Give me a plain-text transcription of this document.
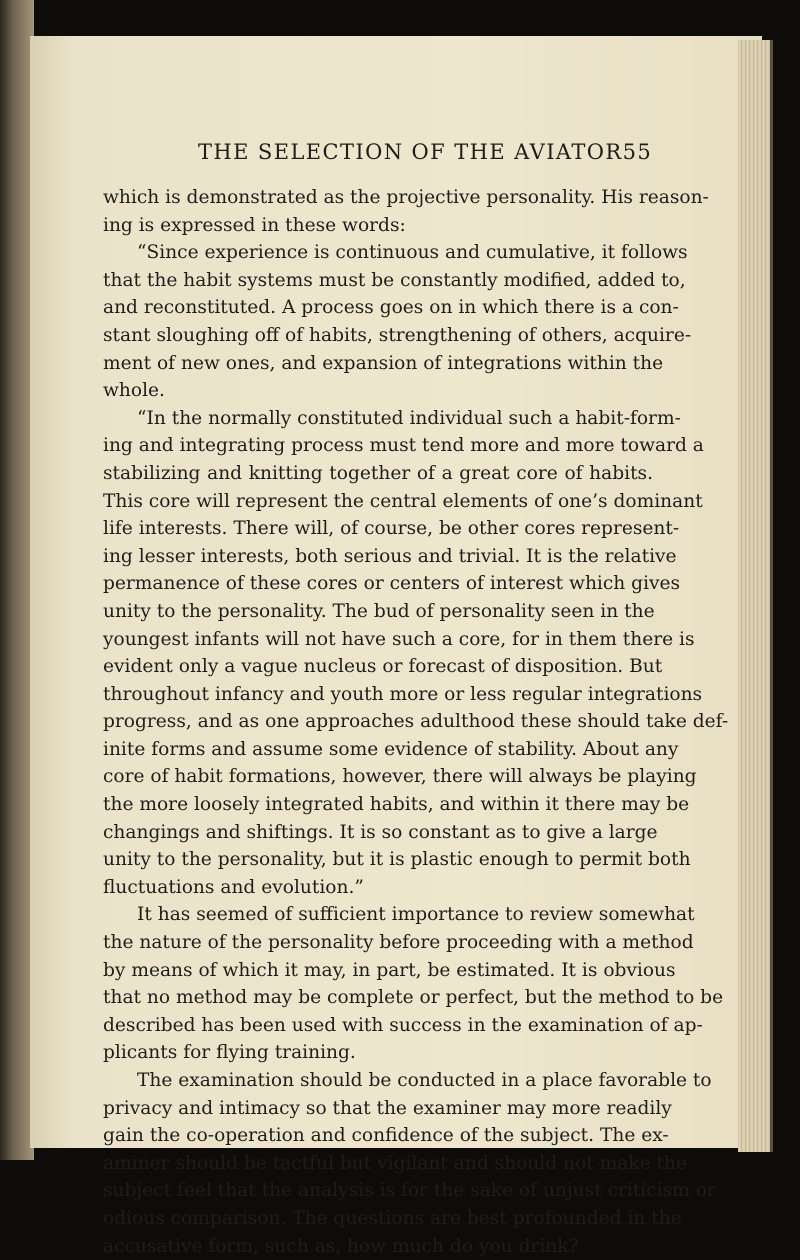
THE SELECTION OF THE AVIATOR 55
which is demonstrated as the projective personality. His reason-
ing is expressed in these words:
“Since experience is continuous and cumulative, it follows
that the habit systems must be constantly modified, added to,
and reconstituted. A process goes on in which there is a con-
stant sloughing off of habits, strengthening of others, acquire-
ment of new ones, and expansion of integrations within the
whole.
“In the normally constituted individual such a habit-form-
ing and integrating process must tend more and more toward a
stabilizing and knitting together of a great core of habits.
This core will represent the central elements of one’s dominant
life interests. There will, of course, be other cores represent-
ing lesser interests, both serious and trivial. It is the relative
permanence of these cores or centers of interest which gives
unity to the personality. The bud of personality seen in the
youngest infants will not have such a core, for in them there is
evident only a vague nucleus or forecast of disposition. But
throughout infancy and youth more or less regular integrations
progress, and as one approaches adulthood these should take def-
inite forms and assume some evidence of stability. About any
core of habit formations, however, there will always be playing
the more loosely integrated habits, and within it there may be
changings and shiftings. It is so constant as to give a large
unity to the personality, but it is plastic enough to permit both
fluctuations and evolution.”
It has seemed of sufficient importance to review somewhat
the nature of the personality before proceeding with a method
by means of which it may, in part, be estimated. It is obvious
that no method may be complete or perfect, but the method to be
described has been used with success in the examination of ap-
plicants for flying training.
The examination should be conducted in a place favorable to
privacy and intimacy so that the examiner may more readily
gain the co-operation and confidence of the subject. The ex-
aminer should be tactful but vigilant and should not make the
subject feel that the analysis is for the sake of unjust criticism or
odious comparison. The questions are best profounded in the
accusative form, such as, how much do you drink?
